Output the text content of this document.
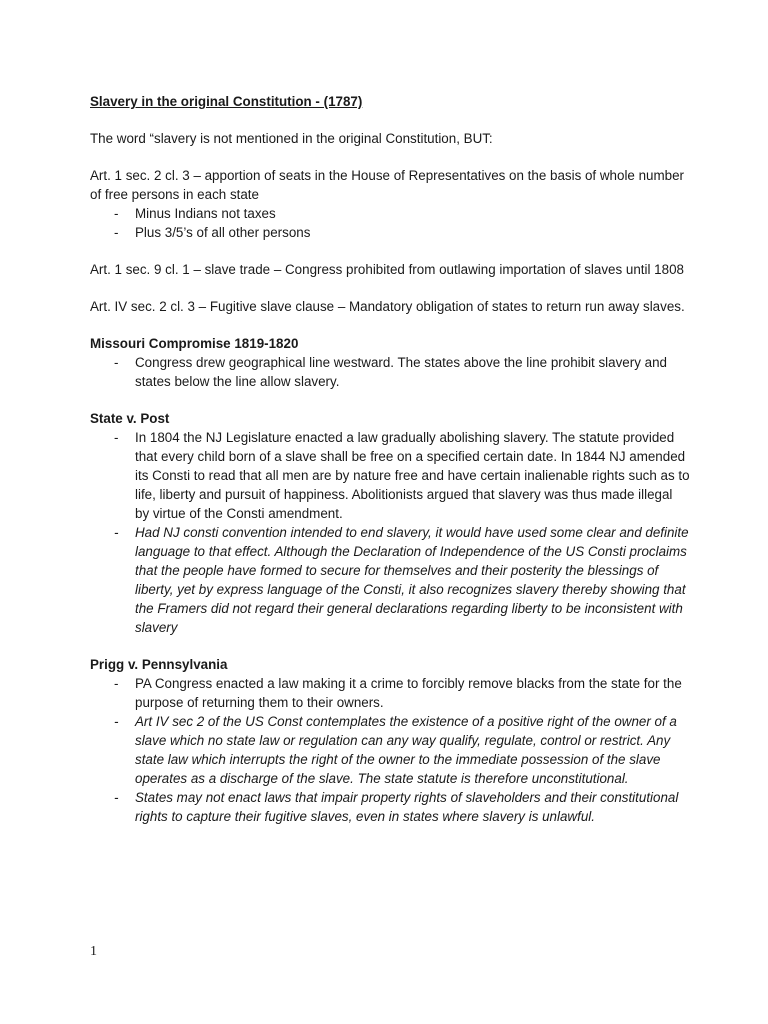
Slavery in the original Constitution - (1787)

The word “slavery is not mentioned in the original Constitution, BUT:

Art. 1 sec. 2 cl. 3 – apportion of seats in the House of Representatives on the basis of whole number of free persons in each state

- Minus Indians not taxes
- Plus 3/5’s of all other persons

Art. 1 sec. 9 cl. 1 – slave trade – Congress prohibited from outlawing importation of slaves until 1808

Art. IV sec. 2 cl. 3 – Fugitive slave clause – Mandatory obligation of states to return run away slaves.

Missouri Compromise 1819-1820

- Congress drew geographical line westward. The states above the line prohibit slavery and states below the line allow slavery.

State v. Post

- In 1804 the NJ Legislature enacted a law gradually abolishing slavery. The statute provided that every child born of a slave shall be free on a specified certain date. In 1844 NJ amended its Consti to read that all men are by nature free and have certain inalienable rights such as to life, liberty and pursuit of happiness. Abolitionists argued that slavery was thus made illegal by virtue of the Consti amendment.
- Had NJ consti convention intended to end slavery, it would have used some clear and definite language to that effect. Although the Declaration of Independence of the US Consti proclaims that the people have formed to secure for themselves and their posterity the blessings of liberty, yet by express language of the Consti, it also recognizes slavery thereby showing that the Framers did not regard their general declarations regarding liberty to be inconsistent with slavery

Prigg v. Pennsylvania

- PA Congress enacted a law making it a crime to forcibly remove blacks from the state for the purpose of returning them to their owners.
- Art IV sec 2 of the US Const contemplates the existence of a positive right of the owner of a slave which no state law or regulation can any way qualify, regulate, control or restrict. Any state law which interrupts the right of the owner to the immediate possession of the slave operates as a discharge of the slave. The state statute is therefore unconstitutional.
- States may not enact laws that impair property rights of slaveholders and their constitutional rights to capture their fugitive slaves, even in states where slavery is unlawful.
1
